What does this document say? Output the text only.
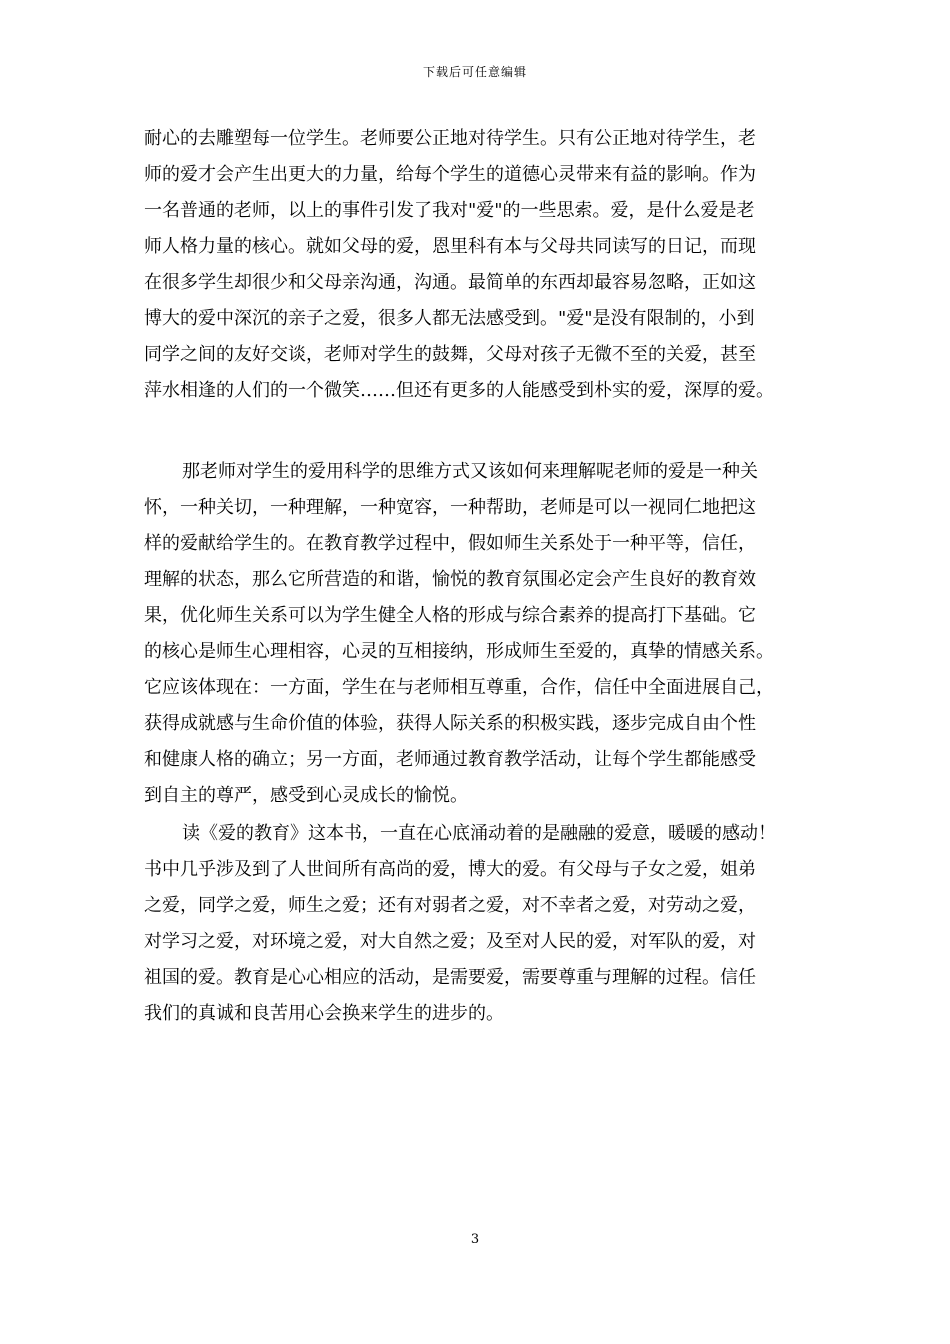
下载后可任意编辑
耐心的去雕塑每一位学生。老师要公正地对待学生。只有公正地对待学生，老
师的爱才会产生出更大的力量，给每个学生的道德心灵带来有益的影响。作为
一名普通的老师，以上的事件引发了我对"爱"的一些思索。爱，是什么爱是老
师人格力量的核心。就如父母的爱，恩里科有本与父母共同读写的日记，而现
在很多学生却很少和父母亲沟通，沟通。最简单的东西却最容易忽略，正如这
博大的爱中深沉的亲子之爱，很多人都无法感受到。"爱"是没有限制的，小到
同学之间的友好交谈，老师对学生的鼓舞，父母对孩子无微不至的关爱，甚至
萍水相逢的人们的一个微笑……但还有更多的人能感受到朴实的爱，深厚的爱。
那老师对学生的爱用科学的思维方式又该如何来理解呢老师的爱是一种关
怀，一种关切，一种理解，一种宽容，一种帮助，老师是可以一视同仁地把这
样的爱献给学生的。在教育教学过程中，假如师生关系处于一种平等，信任，
理解的状态，那么它所营造的和谐，愉悦的教育氛围必定会产生良好的教育效
果，优化师生关系可以为学生健全人格的形成与综合素养的提高打下基础。它
的核心是师生心理相容，心灵的互相接纳，形成师生至爱的，真挚的情感关系。
它应该体现在：一方面，学生在与老师相互尊重，合作，信任中全面进展自己，
获得成就感与生命价值的体验，获得人际关系的积极实践，逐步完成自由个性
和健康人格的确立；另一方面，老师通过教育教学活动，让每个学生都能感受
到自主的尊严，感受到心灵成长的愉悦。
读《爱的教育》这本书，一直在心底涌动着的是融融的爱意，暖暖的感动！
书中几乎涉及到了人世间所有高尚的爱，博大的爱。有父母与子女之爱，姐弟
之爱，同学之爱，师生之爱；还有对弱者之爱，对不幸者之爱，对劳动之爱，
对学习之爱，对环境之爱，对大自然之爱；及至对人民的爱，对军队的爱，对
祖国的爱。教育是心心相应的活动，是需要爱，需要尊重与理解的过程。信任
我们的真诚和良苦用心会换来学生的进步的。
3
